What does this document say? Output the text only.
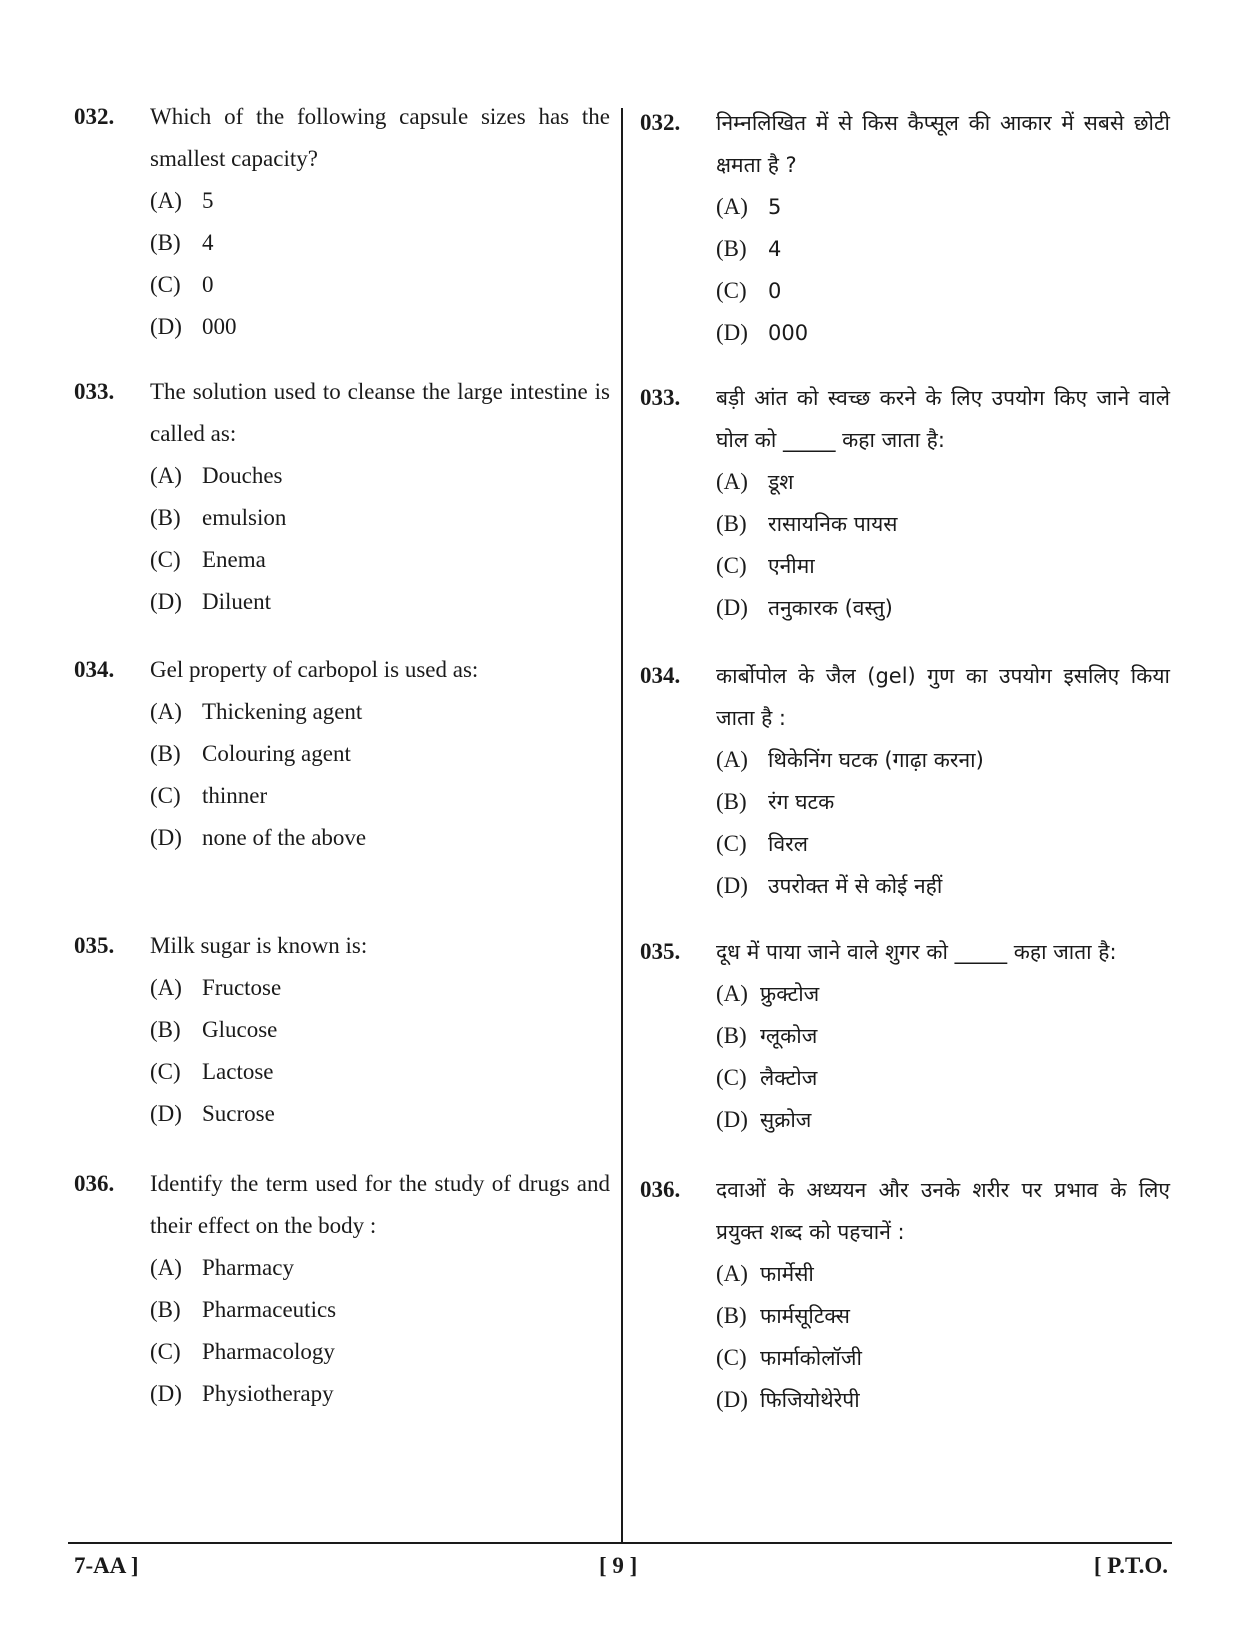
032. Which of the following capsule sizes has the smallest capacity?
(A) 5
(B) 4
(C) 0
(D) 000
033. The solution used to cleanse the large intestine is called as:
(A) Douches
(B) emulsion
(C) Enema
(D) Diluent
034. Gel property of carbopol is used as:
(A) Thickening agent
(B) Colouring agent
(C) thinner
(D) none of the above
035. Milk sugar is known is:
(A) Fructose
(B) Glucose
(C) Lactose
(D) Sucrose
036. Identify the term used for the study of drugs and their effect on the body :
(A) Pharmacy
(B) Pharmaceutics
(C) Pharmacology
(D) Physiotherapy
032. निम्नलिखित में से किस कैप्सूल की आकार में सबसे छोटी क्षमता है ?
(A) 5
(B)	4
(C)	0
(D) 000
033. बड़ी आंत को स्वच्छ करने के लिए उपयोग किए जाने वाले घोल को _____ कहा जाता है:
(A) डूश
(B)	रासायनिक पायस
(C)	एनीमा
(D) तनुकारक (वस्तु)
034. कार्बोपोल के जैल (gel) गुण का उपयोग इसलिए किया जाता है :
(A) थिकेनिंग घटक (गाढ़ा करना)
(B)	रंग घटक
(C)	विरल
(D) उपरोक्त में से कोई नहीं
035. दूध में पाया जाने वाले शुगर को _____ कहा जाता है:
(A) फ्रुक्टोज
(B) ग्लूकोज
(C) लैक्टोज
(D) सुक्रोज
036. दवाओं के अध्ययन और उनके शरीर पर प्रभाव के लिए प्रयुक्त शब्द को पहचानें :
(A) फार्मेसी
(B) फार्मसूटिक्स
(C) फार्माकोलॉजी
(D) फिजियोथेरेपी
7-AA ]	[ 9 ]	[ P.T.O.
